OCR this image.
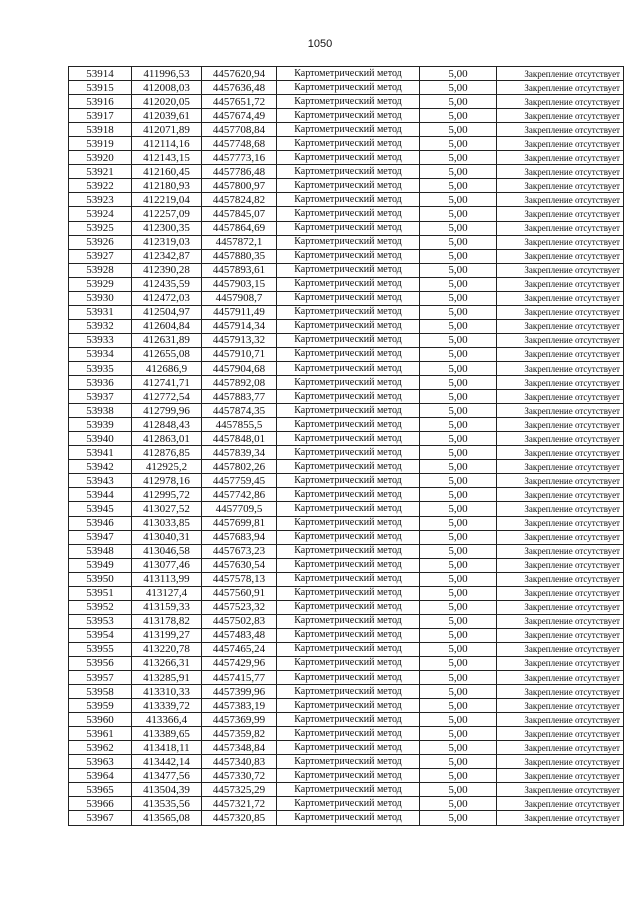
1050
53914	411996,53	4457620,94	Картометрический метод	5,00	Закрепление отсутствует
53915	412008,03	4457636,48	Картометрический метод	5,00	Закрепление отсутствует
53916	412020,05	4457651,72	Картометрический метод	5,00	Закрепление отсутствует
53917	412039,61	4457674,49	Картометрический метод	5,00	Закрепление отсутствует
53918	412071,89	4457708,84	Картометрический метод	5,00	Закрепление отсутствует
53919	412114,16	4457748,68	Картометрический метод	5,00	Закрепление отсутствует
53920	412143,15	4457773,16	Картометрический метод	5,00	Закрепление отсутствует
53921	412160,45	4457786,48	Картометрический метод	5,00	Закрепление отсутствует
53922	412180,93	4457800,97	Картометрический метод	5,00	Закрепление отсутствует
53923	412219,04	4457824,82	Картометрический метод	5,00	Закрепление отсутствует
53924	412257,09	4457845,07	Картометрический метод	5,00	Закрепление отсутствует
53925	412300,35	4457864,69	Картометрический метод	5,00	Закрепление отсутствует
53926	412319,03	4457872,1	Картометрический метод	5,00	Закрепление отсутствует
53927	412342,87	4457880,35	Картометрический метод	5,00	Закрепление отсутствует
53928	412390,28	4457893,61	Картометрический метод	5,00	Закрепление отсутствует
53929	412435,59	4457903,15	Картометрический метод	5,00	Закрепление отсутствует
53930	412472,03	4457908,7	Картометрический метод	5,00	Закрепление отсутствует
53931	412504,97	4457911,49	Картометрический метод	5,00	Закрепление отсутствует
53932	412604,84	4457914,34	Картометрический метод	5,00	Закрепление отсутствует
53933	412631,89	4457913,32	Картометрический метод	5,00	Закрепление отсутствует
53934	412655,08	4457910,71	Картометрический метод	5,00	Закрепление отсутствует
53935	412686,9	4457904,68	Картометрический метод	5,00	Закрепление отсутствует
53936	412741,71	4457892,08	Картометрический метод	5,00	Закрепление отсутствует
53937	412772,54	4457883,77	Картометрический метод	5,00	Закрепление отсутствует
53938	412799,96	4457874,35	Картометрический метод	5,00	Закрепление отсутствует
53939	412848,43	4457855,5	Картометрический метод	5,00	Закрепление отсутствует
53940	412863,01	4457848,01	Картометрический метод	5,00	Закрепление отсутствует
53941	412876,85	4457839,34	Картометрический метод	5,00	Закрепление отсутствует
53942	412925,2	4457802,26	Картометрический метод	5,00	Закрепление отсутствует
53943	412978,16	4457759,45	Картометрический метод	5,00	Закрепление отсутствует
53944	412995,72	4457742,86	Картометрический метод	5,00	Закрепление отсутствует
53945	413027,52	4457709,5	Картометрический метод	5,00	Закрепление отсутствует
53946	413033,85	4457699,81	Картометрический метод	5,00	Закрепление отсутствует
53947	413040,31	4457683,94	Картометрический метод	5,00	Закрепление отсутствует
53948	413046,58	4457673,23	Картометрический метод	5,00	Закрепление отсутствует
53949	413077,46	4457630,54	Картометрический метод	5,00	Закрепление отсутствует
53950	413113,99	4457578,13	Картометрический метод	5,00	Закрепление отсутствует
53951	413127,4	4457560,91	Картометрический метод	5,00	Закрепление отсутствует
53952	413159,33	4457523,32	Картометрический метод	5,00	Закрепление отсутствует
53953	413178,82	4457502,83	Картометрический метод	5,00	Закрепление отсутствует
53954	413199,27	4457483,48	Картометрический метод	5,00	Закрепление отсутствует
53955	413220,78	4457465,24	Картометрический метод	5,00	Закрепление отсутствует
53956	413266,31	4457429,96	Картометрический метод	5,00	Закрепление отсутствует
53957	413285,91	4457415,77	Картометрический метод	5,00	Закрепление отсутствует
53958	413310,33	4457399,96	Картометрический метод	5,00	Закрепление отсутствует
53959	413339,72	4457383,19	Картометрический метод	5,00	Закрепление отсутствует
53960	413366,4	4457369,99	Картометрический метод	5,00	Закрепление отсутствует
53961	413389,65	4457359,82	Картометрический метод	5,00	Закрепление отсутствует
53962	413418,11	4457348,84	Картометрический метод	5,00	Закрепление отсутствует
53963	413442,14	4457340,83	Картометрический метод	5,00	Закрепление отсутствует
53964	413477,56	4457330,72	Картометрический метод	5,00	Закрепление отсутствует
53965	413504,39	4457325,29	Картометрический метод	5,00	Закрепление отсутствует
53966	413535,56	4457321,72	Картометрический метод	5,00	Закрепление отсутствует
53967	413565,08	4457320,85	Картометрический метод	5,00	Закрепление отсутствует
